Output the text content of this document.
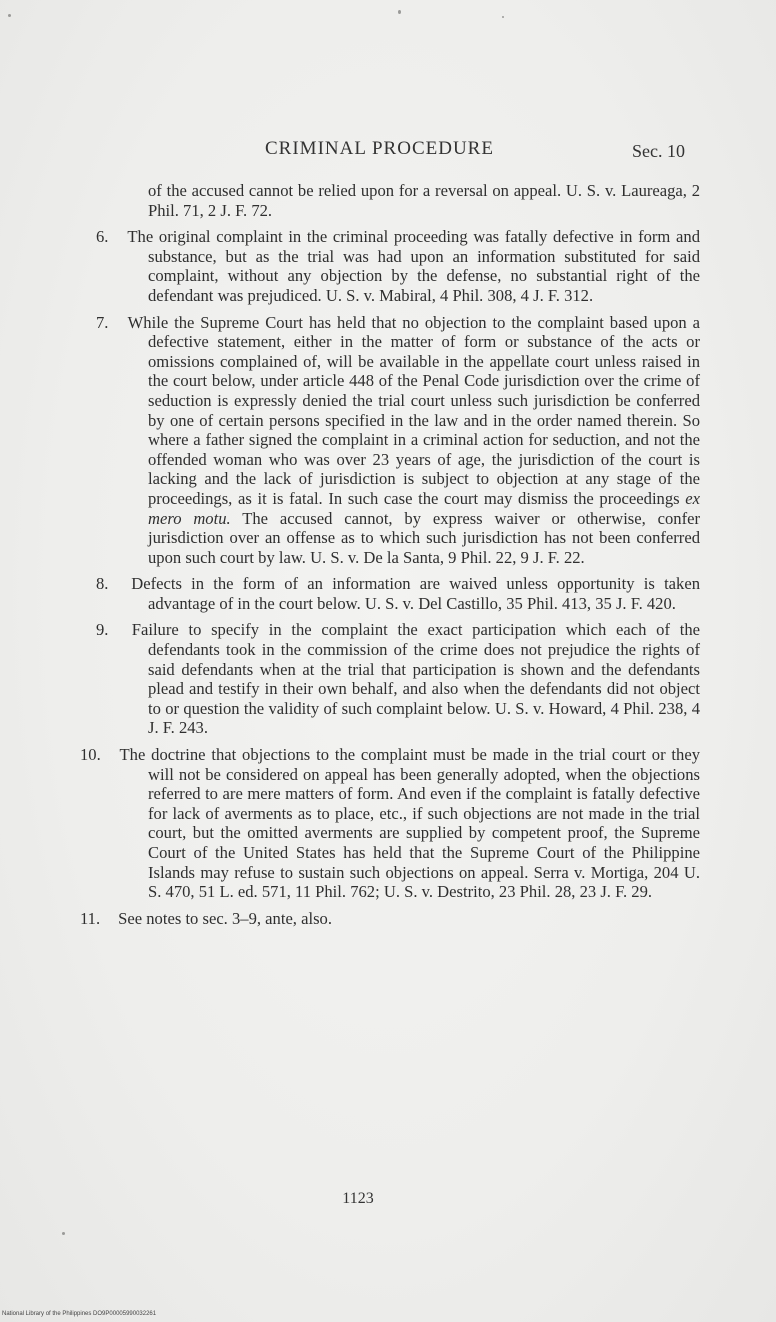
CRIMINAL PROCEDURE	Sec. 10

of the accused cannot be relied upon for a reversal on appeal. U. S. v. Laureaga, 2 Phil. 71, 2 J. F. 72.

6. The original complaint in the criminal proceeding was fatally defective in form and substance, but as the trial was had upon an information substituted for said complaint, without any objection by the defense, no substantial right of the defendant was prejudiced. U. S. v. Mabiral, 4 Phil. 308, 4 J. F. 312.

7. While the Supreme Court has held that no objection to the complaint based upon a defective statement, either in the matter of form or substance of the acts or omissions complained of, will be available in the appellate court unless raised in the court below, under article 448 of the Penal Code jurisdiction over the crime of seduction is expressly denied the trial court unless such jurisdiction be conferred by one of certain persons specified in the law and in the order named therein. So where a father signed the complaint in a criminal action for seduction, and not the offended woman who was over 23 years of age, the jurisdiction of the court is lacking and the lack of jurisdiction is subject to objection at any stage of the proceedings, as it is fatal. In such case the court may dismiss the proceedings ex mero motu. The accused cannot, by express waiver or otherwise, confer jurisdiction over an offense as to which such jurisdiction has not been conferred upon such court by law. U. S. v. De la Santa, 9 Phil. 22, 9 J. F. 22.

8. Defects in the form of an information are waived unless opportunity is taken advantage of in the court below. U. S. v. Del Castillo, 35 Phil. 413, 35 J. F. 420.

9. Failure to specify in the complaint the exact participation which each of the defendants took in the commission of the crime does not prejudice the rights of said defendants when at the trial that participation is shown and the defendants plead and testify in their own behalf, and also when the defendants did not object to or question the validity of such complaint below. U. S. v. Howard, 4 Phil. 238, 4 J. F. 243.

10. The doctrine that objections to the complaint must be made in the trial court or they will not be considered on appeal has been generally adopted, when the objections referred to are mere matters of form. And even if the complaint is fatally defective for lack of averments as to place, etc., if such objections are not made in the trial court, but the omitted averments are supplied by competent proof, the Supreme Court of the United States has held that the Supreme Court of the Philippine Islands may refuse to sustain such objections on appeal. Serra v. Mortiga, 204 U. S. 470, 51 L. ed. 571, 11 Phil. 762; U. S. v. Destrito, 23 Phil. 28, 23 J. F. 29.

11. See notes to sec. 3–9, ante, also.

1123
National Library of the Philippines DO9P00005990032261
